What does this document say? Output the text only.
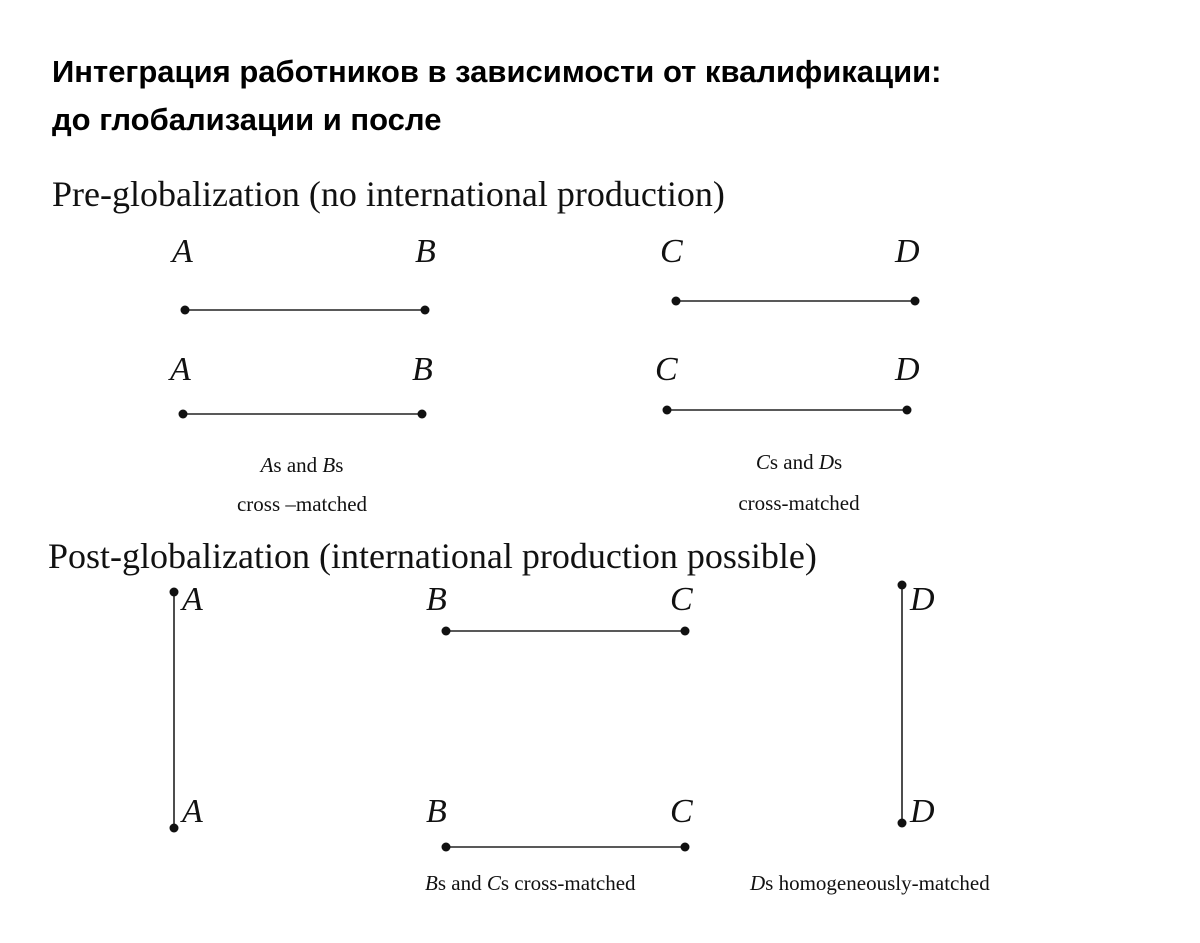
Интеграция работников в зависимости от квалификации:
до глобализации и после
Pre-globalization (no international production)
A	B	C	D
A	B	C	D
As and Bs
cross –matched
Cs and Ds
cross-matched
Post-globalization (international production possible)
A	B	C	D
A	B	C	D
Bs and Cs cross-matched	Ds homogeneously-matched
